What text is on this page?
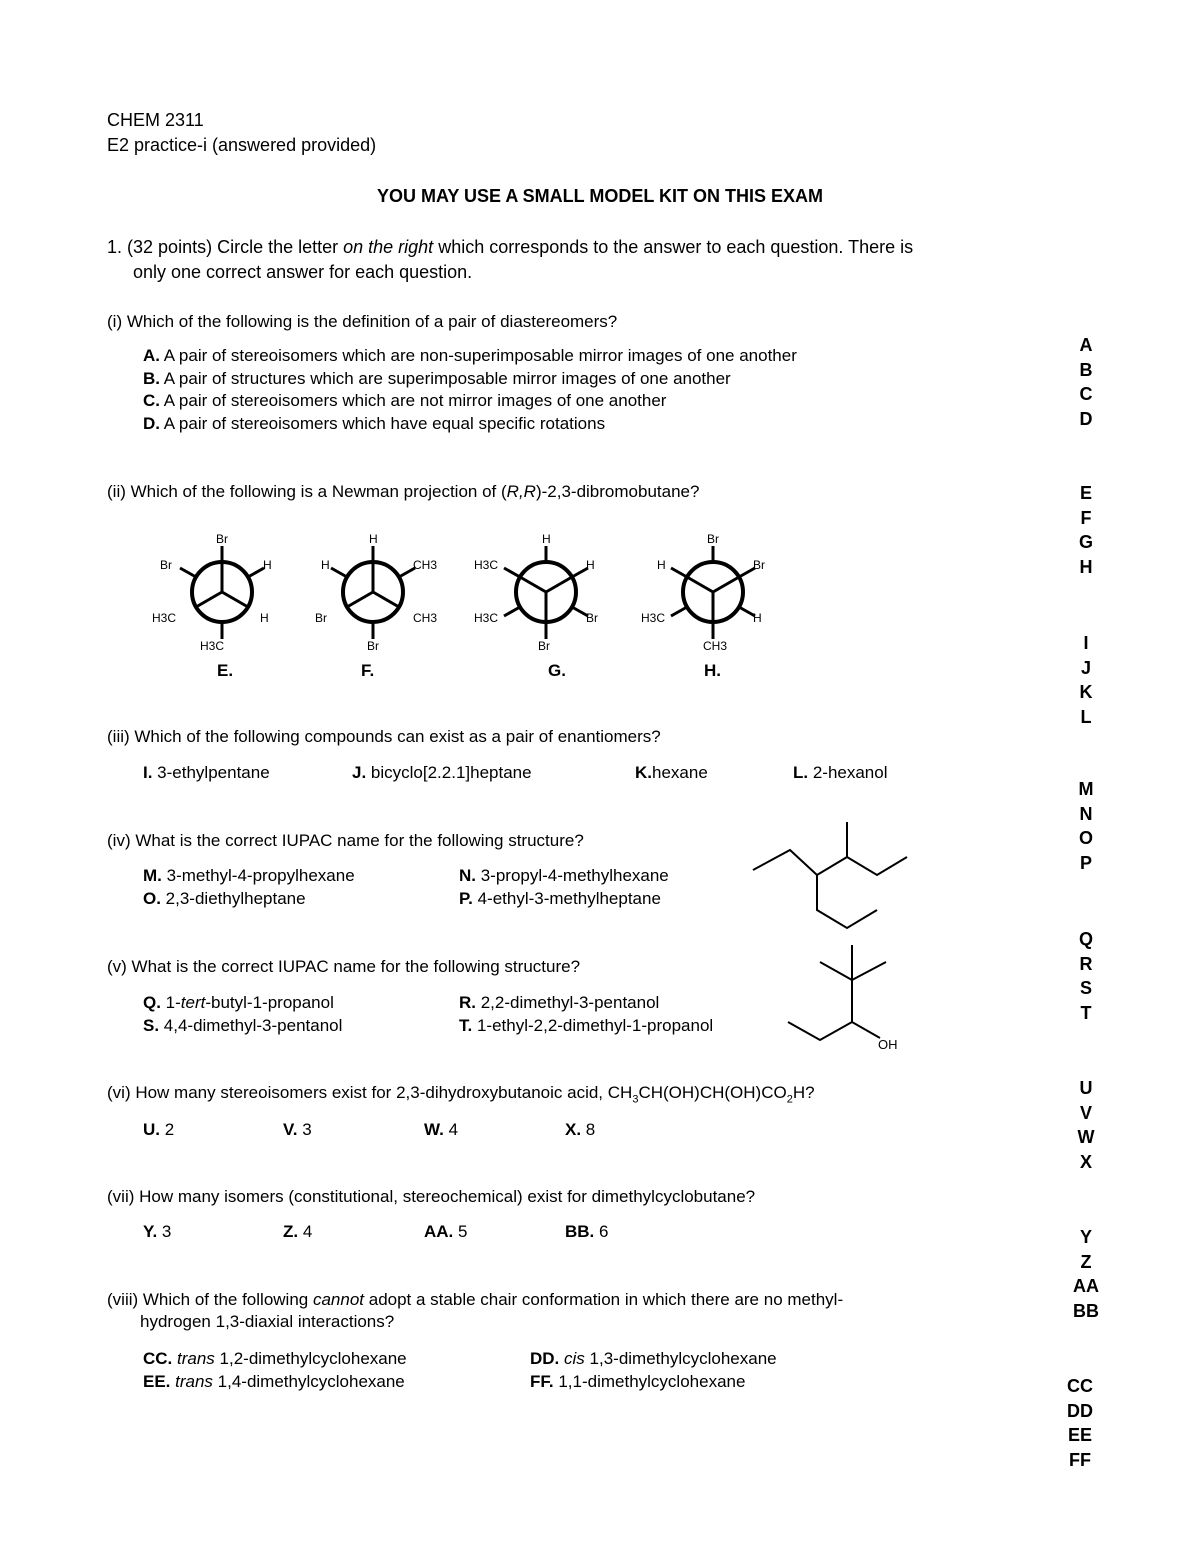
CHEM 2311
E2 practice-i (answered provided)
YOU MAY USE A SMALL MODEL KIT ON THIS EXAM
1. (32 points) Circle the letter on the right which corresponds to the answer to each question. There is
only one correct answer for each question.
(i) Which of the following is the definition of a pair of diastereomers?
A. A pair of stereoisomers which are non-superimposable mirror images of one another
B. A pair of structures which are superimposable mirror images of one another
C. A pair of stereoisomers which are not mirror images of one another
D. A pair of stereoisomers which have equal specific rotations
A
B
C
D
(ii) Which of the following is a Newman projection of (R,R)-2,3-dibromobutane?	E
F
G
H
Br
Br	H
H3C	H
H3C
H
H	CH3
Br	CH3
Br
H
H3C	H
H3C	Br
Br
Br
H	Br
H3C	H
CH3
E.	F.	G.	H.
I
J
K
L
(iii) Which of the following compounds can exist as a pair of enantiomers?
I. 3-ethylpentane	J. bicyclo[2.2.1]heptane	K.hexane	L. 2-hexanol
(iv) What is the correct IUPAC name for the following structure?
M. 3-methyl-4-propylhexane	N. 3-propyl-4-methylhexane
O. 2,3-diethylheptane	P. 4-ethyl-3-methylheptane
M
N
O
P
(v) What is the correct IUPAC name for the following structure?
Q. 1-tert-butyl-1-propanol	R. 2,2-dimethyl-3-pentanol
S. 4,4-dimethyl-3-pentanol	T. 1-ethyl-2,2-dimethyl-1-propanol
Q
R
S
T
OH
(vi) How many stereoisomers exist for 2,3-dihydroxybutanoic acid, $CH_3CH(OH)CH(OH)CO_2H$?
U. 2	V. 3	W. 4	X. 8
U
V
W
X
(vii) How many isomers (constitutional, stereochemical) exist for dimethylcyclobutane?
Y. 3	Z. 4	AA. 5	BB. 6	Y
Z
AA
BB
(viii) Which of the following cannot adopt a stable chair conformation in which there are no methyl-
hydrogen 1,3-diaxial interactions?
CC. trans 1,2-dimethylcyclohexane	DD. cis 1,3-dimethylcyclohexane
EE. trans 1,4-dimethylcyclohexane	FF. 1,1-dimethylcyclohexane	CC
DD
EE
FF
